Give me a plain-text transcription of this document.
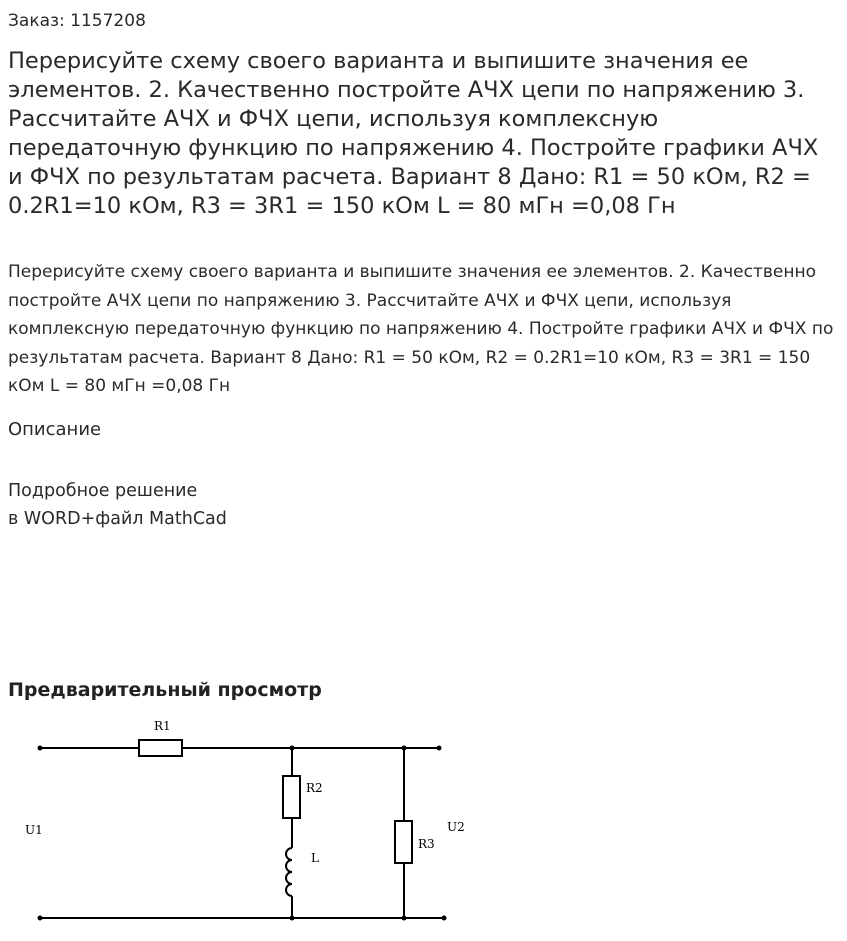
Заказ: 1157208
Перерисуйте схему своего варианта и выпишите значения ее элементов. 2. Качественно постройте АЧХ цепи по напряжению 3. Рассчитайте АЧХ и ФЧХ цепи, используя комплексную передаточную функцию по напряжению 4. Постройте графики АЧХ и ФЧХ по результатам расчета. Вариант 8 Дано: R1 = 50 кОм, R2 = 0.2R1=10 кОм, R3 = 3R1 = 150 кОм L = 80 мГн =0,08 Гн

Перерисуйте схему своего варианта и выпишите значения ее элементов. 2. Качественно постройте АЧХ цепи по напряжению 3. Рассчитайте АЧХ и ФЧХ цепи, используя комплексную передаточную функцию по напряжению 4. Постройте графики АЧХ и ФЧХ по результатам расчета. Вариант 8 Дано: R1 = 50 кОм, R2 = 0.2R1=10 кОм, R3 = 3R1 = 150 кОм L = 80 мГн =0,08 Гн

Описание
Подробное решение
в WORD+файл MathCad
Предварительный просмотр
R1
R2
L
R3
U1	U2
